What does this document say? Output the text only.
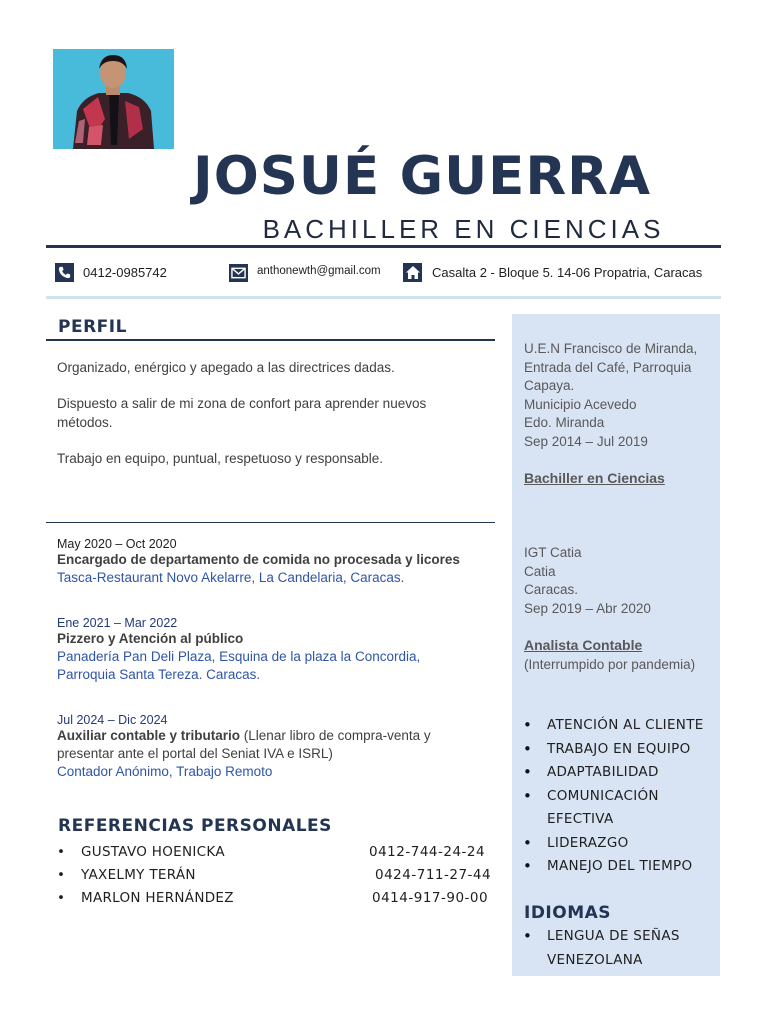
JOSUÉ GUERRA
BACHILLER EN CIENCIAS
0412-0985742	anthonewth@gmail.com	Casalta 2 - Bloque 5. 14-06 Propatria, Caracas
PERFIL
Organizado, enérgico y apegado a las directrices dadas.
Dispuesto a salir de mi zona de confort para aprender nuevos métodos.
Trabajo en equipo, puntual, respetuoso y responsable.
May 2020 – Oct 2020
Encargado de departamento de comida no procesada y licores
Tasca-Restaurant Novo Akelarre, La Candelaria, Caracas.
Ene 2021 – Mar 2022
Pizzero y Atención al público
Panadería Pan Deli Plaza, Esquina de la plaza la Concordia, Parroquia Santa Tereza. Caracas.
Jul 2024 – Dic 2024
Auxiliar contable y tributario (Llenar libro de compra-venta y presentar ante el portal del Seniat IVA e ISRL)
Contador Anónimo, Trabajo Remoto
REFERENCIAS PERSONALES
• GUSTAVO HOENICKA	0412-744-24-24
• YAXELMY TERÁN	0424-711-27-44
• MARLON HERNÁNDEZ	0414-917-90-00
U.E.N Francisco de Miranda,
Entrada del Café, Parroquia
Capaya.
Municipio Acevedo
Edo. Miranda
Sep 2014 – Jul 2019
Bachiller en Ciencias
IGT Catia
Catia
Caracas.
Sep 2019 – Abr 2020
Analista Contable
(Interrumpido por pandemia)
• ATENCIÓN AL CLIENTE
• TRABAJO EN EQUIPO
• ADAPTABILIDAD
• COMUNICACIÓN EFECTIVA
• LIDERAZGO
• MANEJO DEL TIEMPO
IDIOMAS
• LENGUA DE SEÑAS VENEZOLANA
